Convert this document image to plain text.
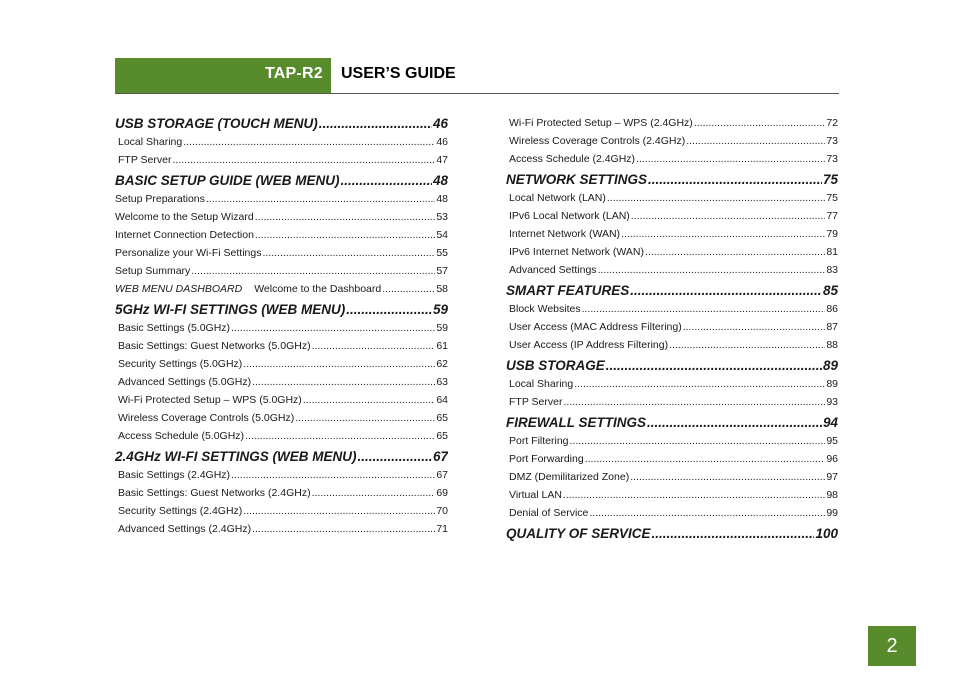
TAP-R2 USER’S GUIDE
USB STORAGE (TOUCH MENU) .....	46
Local Sharing .....	46
FTP Server .....	47
BASIC SETUP GUIDE (WEB MENU) .....	48
Setup Preparations .....	48
Welcome to the Setup Wizard .....	53
Internet Connection Detection .....	54
Personalize your Wi-Fi Settings .....	55
Setup Summary .....	57
WEB MENU DASHBOARD Welcome to the Dashboard .....	58
5GHz WI-FI SETTINGS (WEB MENU) .....	59
Basic Settings (5.0GHz) .....	59
Basic Settings: Guest Networks (5.0GHz) .....	61
Security Settings (5.0GHz) .....	62
Advanced Settings (5.0GHz) .....	63
Wi-Fi Protected Setup – WPS (5.0GHz) .....	64
Wireless Coverage Controls (5.0GHz) .....	65
Access Schedule (5.0GHz) .....	65
2.4GHz WI-FI SETTINGS (WEB MENU) .....	67
Basic Settings (2.4GHz) .....	67
Basic Settings: Guest Networks (2.4GHz) .....	69
Security Settings (2.4GHz) .....	70
Advanced Settings (2.4GHz) .....	71
Wi-Fi Protected Setup – WPS (2.4GHz) .....	72
Wireless Coverage Controls (2.4GHz) .....	73
Access Schedule (2.4GHz) .....	73
NETWORK SETTINGS .....	75
Local Network (LAN) .....	75
IPv6 Local Network (LAN) .....	77
Internet Network (WAN) .....	79
IPv6 Internet Network (WAN) .....	81
Advanced Settings .....	83
SMART FEATURES .....	85
Block Websites .....	86
User Access (MAC Address Filtering) .....	87
User Access (IP Address Filtering) .....	88
USB STORAGE .....	89
Local Sharing .....	89
FTP Server .....	93
FIREWALL SETTINGS .....	94
Port Filtering .....	95
Port Forwarding .....	96
DMZ (Demilitarized Zone) .....	97
Virtual LAN .....	98
Denial of Service .....	99
QUALITY OF SERVICE .....	100
2
